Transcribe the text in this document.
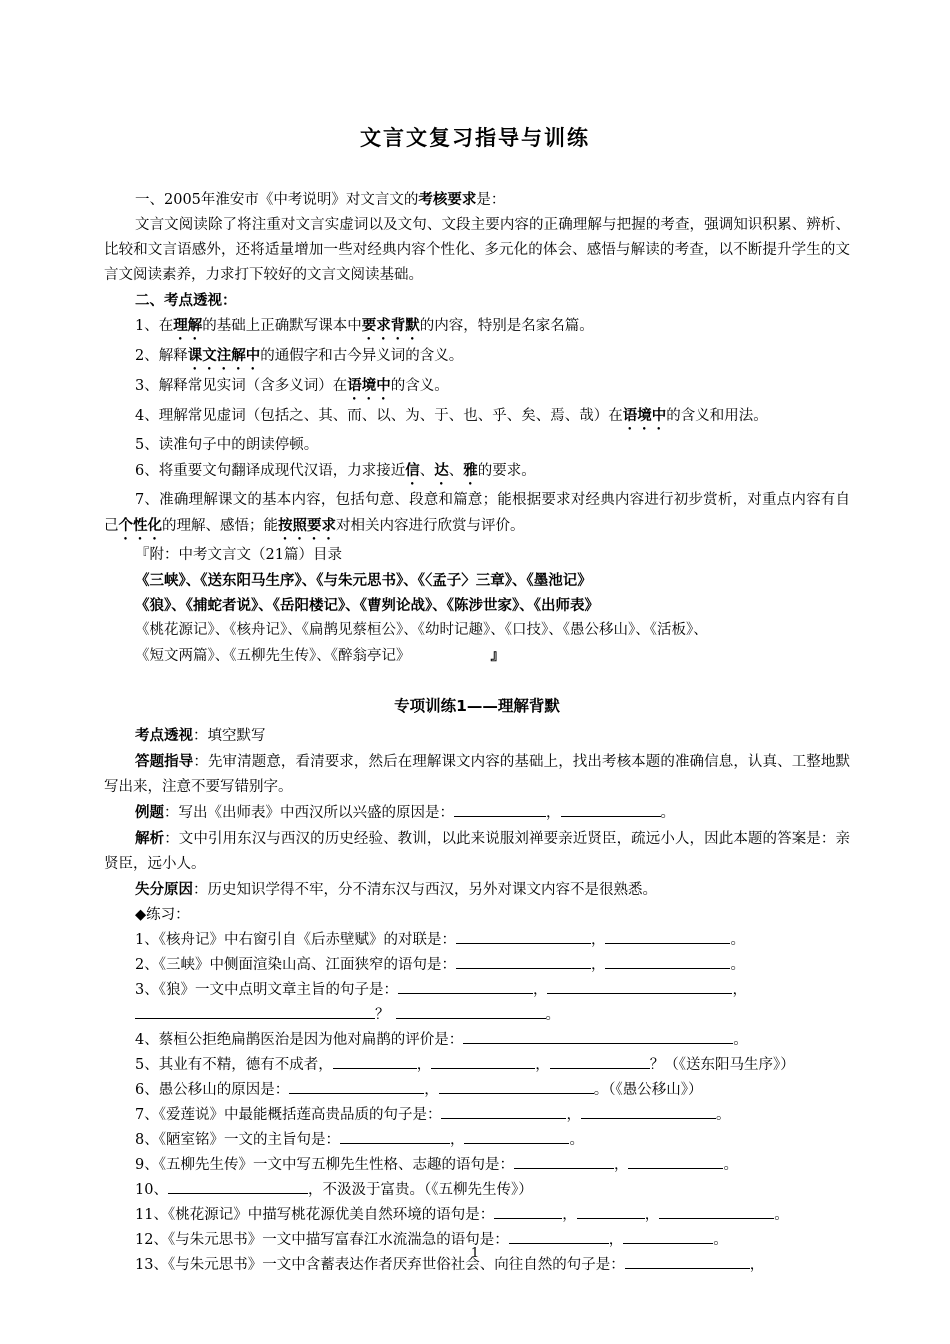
文言文复习指导与训练

一、2005年淮安市《中考说明》对文言文的考核要求是：

文言文阅读除了将注重对文言实虚词以及文句、文段主要内容的正确理解与把握的考查，强调知识积累、辨析、比较和文言语感外，还将适量增加一些对经典内容个性化、多元化的体会、感悟与解读的考查，以不断提升学生的文言文阅读素养，力求打下较好的文言文阅读基础。

二、考点透视：

1、在理解的基础上正确默写课本中要求背默的内容，特别是名家名篇。

2、解释课文注解中的通假字和古今异义词的含义。

3、解释常见实词（含多义词）在语境中的含义。

4、理解常见虚词（包括之、其、而、以、为、于、也、乎、矣、焉、哉）在语境中的含义和用法。

5、读准句子中的朗读停顿。

6、将重要文句翻译成现代汉语，力求接近信、达、雅的要求。

7、准确理解课文的基本内容，包括句意、段意和篇意；能根据要求对经典内容进行初步赏析，对重点内容有自己个性化的理解、感悟；能按照要求对相关内容进行欣赏与评价。

『附：中考文言文（21篇）目录

《三峡》、《送东阳马生序》、《与朱元思书》、《〈孟子〉三章》、《墨池记》

《狼》、《捕蛇者说》、《岳阳楼记》、《曹刿论战》、《陈涉世家》、《出师表》

《桃花源记》、《核舟记》、《扁鹊见蔡桓公》、《幼时记趣》、《口技》、《愚公移山》、《活板》、

《短文两篇》、《五柳先生传》、《醉翁亭记》	』

专项训练1——理解背默

考点透视：填空默写

答题指导：先审清题意，看清要求，然后在理解课文内容的基础上，找出考核本题的准确信息，认真、工整地默写出来，注意不要写错别字。

例题：写出《出师表》中西汉所以兴盛的原因是：	，	。

解析：文中引用东汉与西汉的历史经验、教训，以此来说服刘禅要亲近贤臣，疏远小人，因此本题的答案是：亲贤臣，远小人。

失分原因：历史知识学得不牢，分不清东汉与西汉，另外对课文内容不是很熟悉。

◆练习：

1、《核舟记》中右窗引自《后赤壁赋》的对联是：	，	。

2、《三峡》中侧面渲染山高、江面狭窄的语句是：	，	。

3、《狼》一文中点明文章主旨的句子是：	，	，

？	。

4、蔡桓公拒绝扁鹊医治是因为他对扁鹊的评价是：	。

5、其业有不精，德有不成者，	，	，	？（《送东阳马生序》）

6、愚公移山的原因是：	，	。（《愚公移山》）

7、《爱莲说》中最能概括莲高贵品质的句子是：	，	。

8、《陋室铭》一文的主旨句是：	，	。

9、《五柳先生传》一文中写五柳先生性格、志趣的语句是：	，	。

10、	，不汲汲于富贵。（《五柳先生传》）

11、《桃花源记》中描写桃花源优美自然环境的语句是：	，	，	。

12、《与朱元思书》一文中描写富春江水流湍急的语句是：	，	。

13、《与朱元思书》一文中含蓄表达作者厌弃世俗社会、向往自然的句子是：	，

1
